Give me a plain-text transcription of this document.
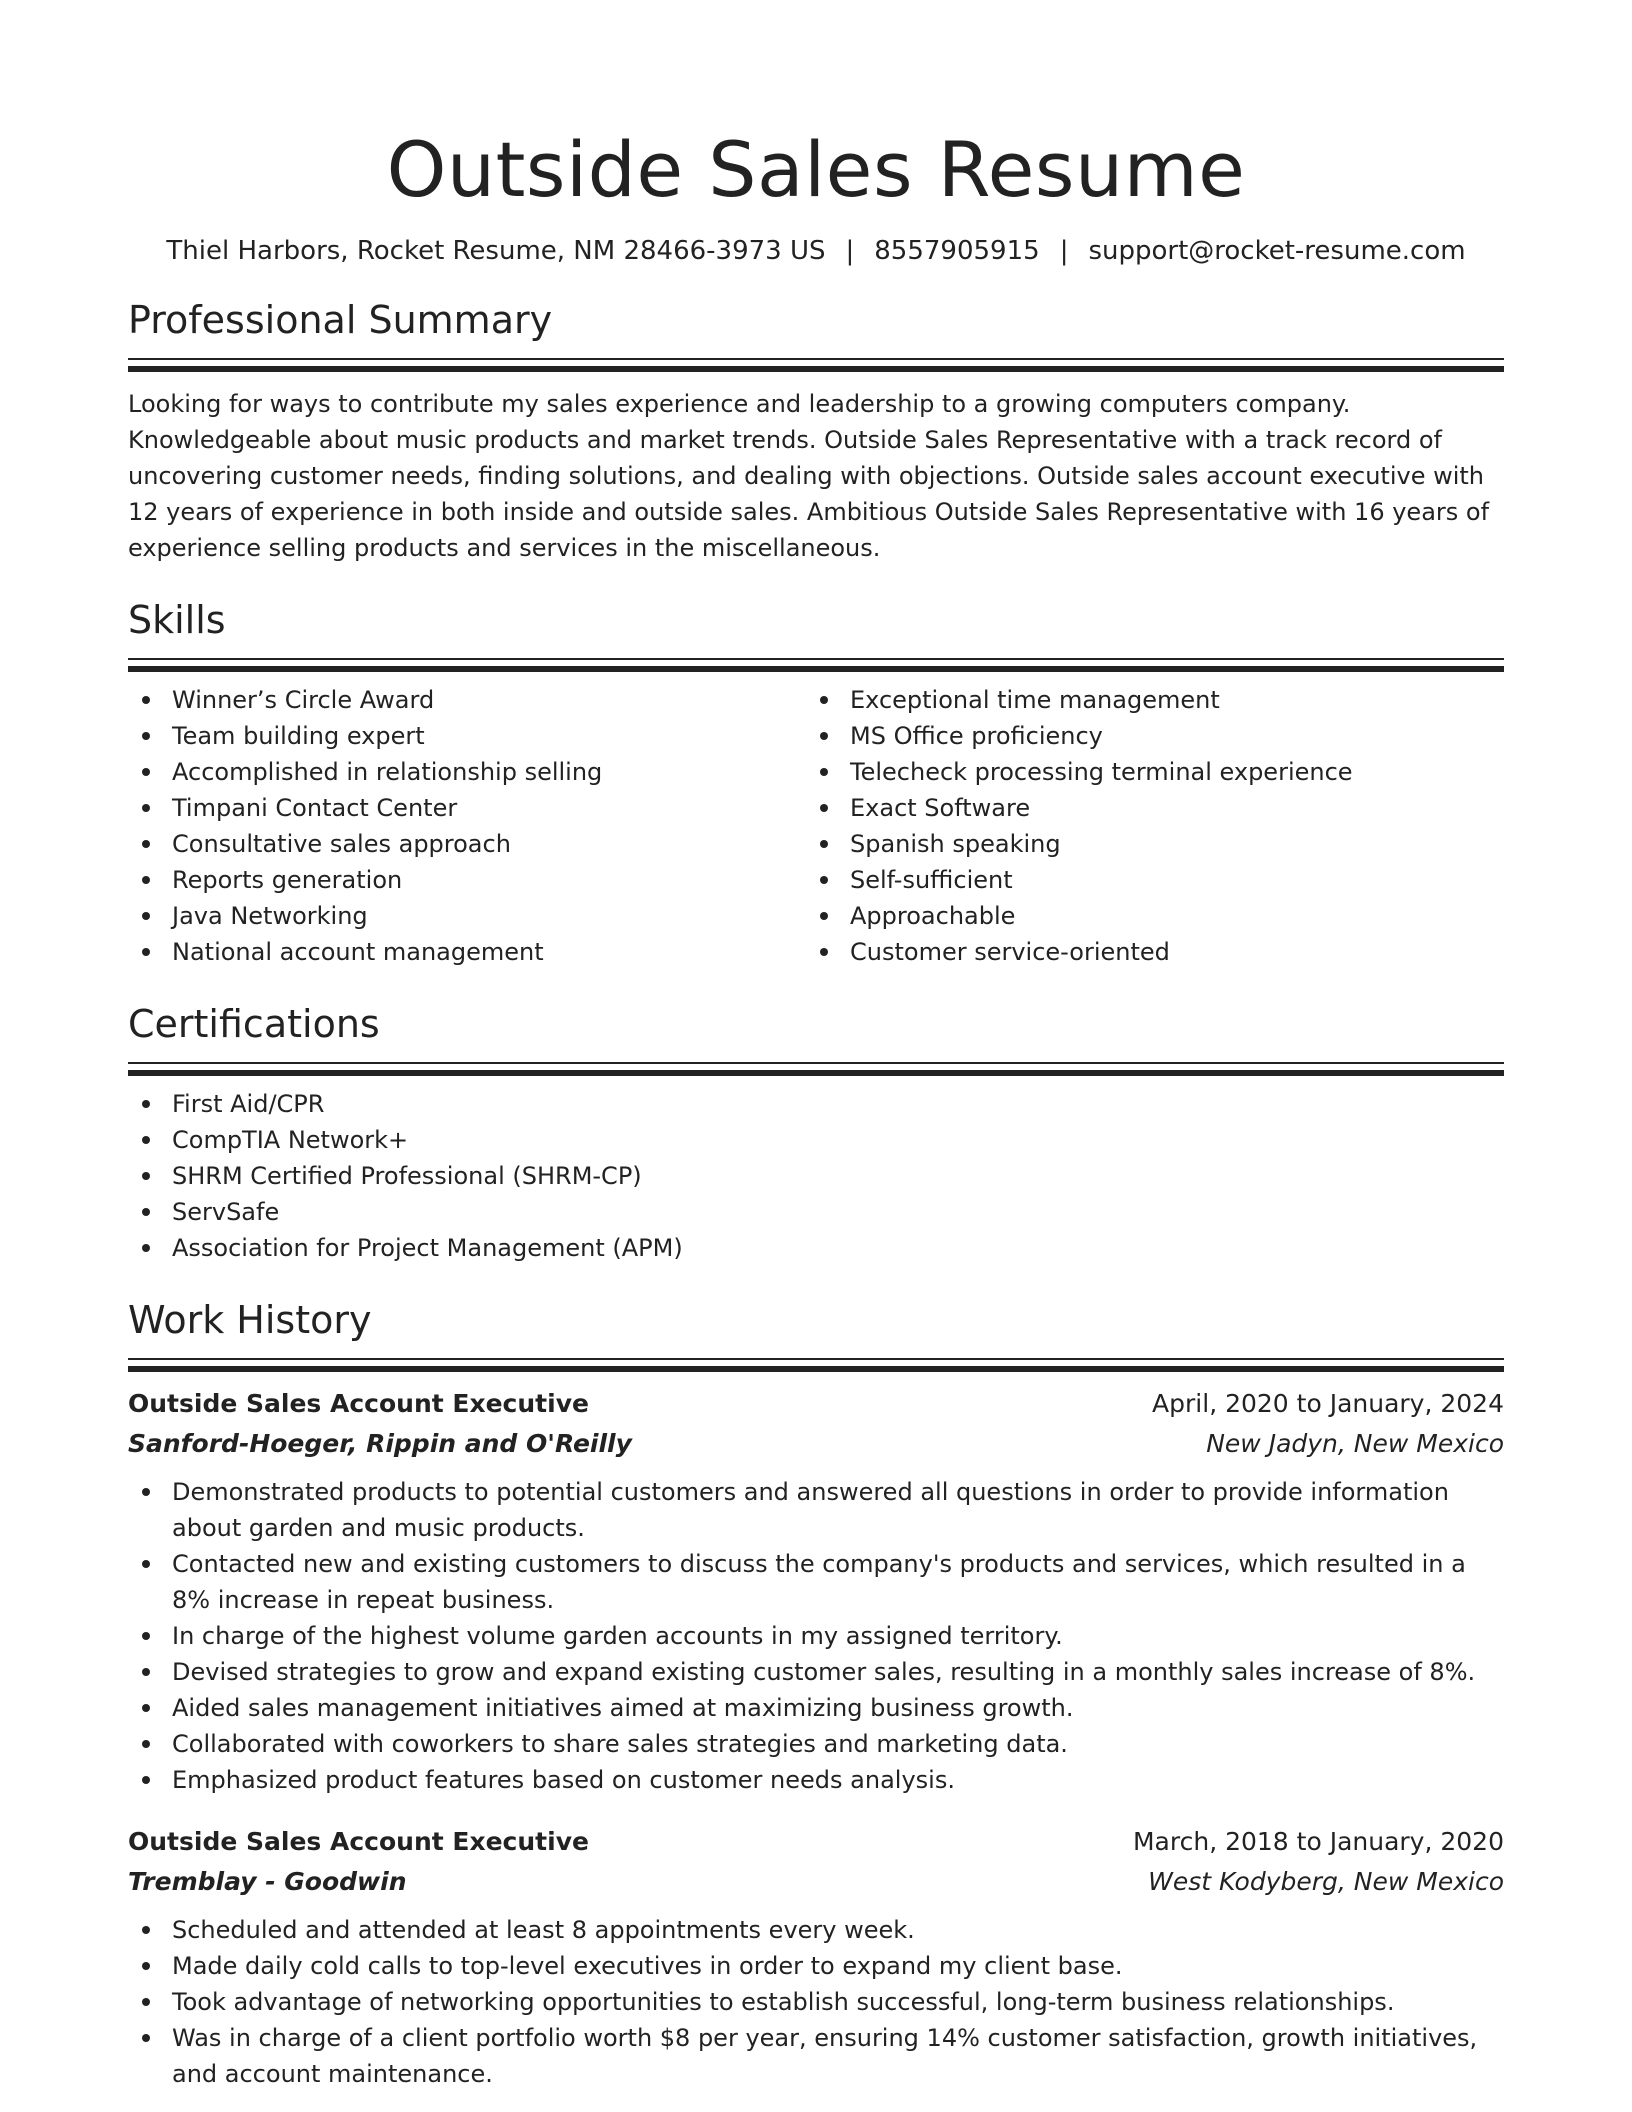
Outside Sales Resume
Thiel Harbors, Rocket Resume, NM 28466-3973 US | 8557905915 | support@rocket-resume.com
Professional Summary

Looking for ways to contribute my sales experience and leadership to a growing computers company. Knowledgeable about music products and market trends. Outside Sales Representative with a track record of uncovering customer needs, finding solutions, and dealing with objections. Outside sales account executive with 12 years of experience in both inside and outside sales. Ambitious Outside Sales Representative with 16 years of experience selling products and services in the miscellaneous.

Skills
Winner’s Circle Award
Team building expert
Accomplished in relationship selling
Timpani Contact Center
Consultative sales approach
Reports generation
Java Networking
National account management
Exceptional time management
MS Office proficiency
Telecheck processing terminal experience
Exact Software
Spanish speaking
Self-sufficient
Approachable
Customer service-oriented
Certifications
First Aid/CPR
CompTIA Network+
SHRM Certified Professional (SHRM-CP)
ServSafe
Association for Project Management (APM)
Work History
Outside Sales Account Executive	April, 2020 to January, 2024
Sanford-Hoeger, Rippin and O'Reilly	New Jadyn, New Mexico
Demonstrated products to potential customers and answered all questions in order to provide information about garden and music products.
Contacted new and existing customers to discuss the company's products and services, which resulted in a 8% increase in repeat business.
In charge of the highest volume garden accounts in my assigned territory.
Devised strategies to grow and expand existing customer sales, resulting in a monthly sales increase of 8%.
Aided sales management initiatives aimed at maximizing business growth.
Collaborated with coworkers to share sales strategies and marketing data.
Emphasized product features based on customer needs analysis.
Outside Sales Account Executive	March, 2018 to January, 2020
Tremblay - Goodwin	West Kodyberg, New Mexico
Scheduled and attended at least 8 appointments every week.
Made daily cold calls to top-level executives in order to expand my client base.
Took advantage of networking opportunities to establish successful, long-term business relationships.
Was in charge of a client portfolio worth $8 per year, ensuring 14% customer satisfaction, growth initiatives, and account maintenance.
